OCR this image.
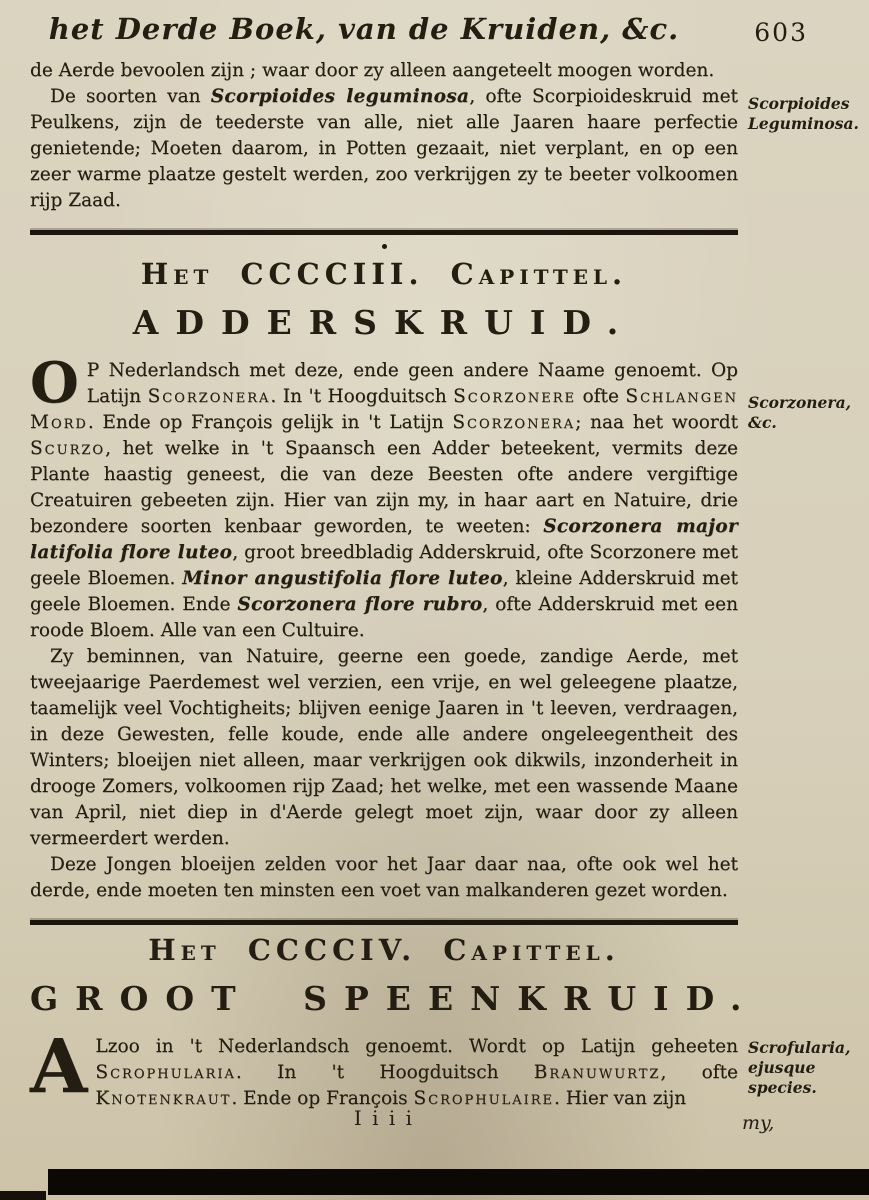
het Derde Boek, van de Kruiden, &c.	603

de Aerde bevoolen zijn ; waar door zy alleen aangeteelt moogen worden.

De soorten van Scorpioides leguminosa, ofte Scorpioideskruid met Peulkens, zijn de teederste van alle, niet alle Jaaren haare perfectie genietende; Moeten daarom, in Potten gezaait, niet verplant, en op een zeer warme plaatze gestelt werden, zoo verkrijgen zy te beeter volkoomen rijp Zaad.

Het CCCCIII. Capittel.
ADDERSKRUID.

O P Nederlandsch met deze, ende geen andere Naame genoemt. Op Latijn Scorzonera. In 't Hoogduitsch Scorzonere ofte Schlangen Mord. Ende op François gelijk in 't Latijn Scorzonera; naa het woordt Scurzo, het welke in 't Spaansch een Adder beteekent, vermits deze Plante haastig geneest, die van deze Beesten ofte andere vergiftige Creatuiren gebeeten zijn. Hier van zijn my, in haar aart en Natuire, drie bezondere soorten kenbaar geworden, te weeten: Scorzonera major latifolia flore luteo, groot breedbladig Adderskruid, ofte Scorzonere met geele Bloemen. Minor angustifolia flore luteo, kleine Adderskruid met geele Bloemen. Ende Scorzonera flore rubro, ofte Adderskruid met een roode Bloem. Alle van een Cultuire.

Zy beminnen, van Natuire, geerne een goede, zandige Aerde, met tweejaarige Paerdemest wel verzien, een vrije, en wel geleegene plaatze, taamelijk veel Vochtigheits; blijven eenige Jaaren in 't leeven, verdraagen, in deze Gewesten, felle koude, ende alle andere ongeleegentheit des Winters; bloeijen niet alleen, maar verkrijgen ook dikwils, inzonderheit in drooge Zomers, volkoomen rijp Zaad; het welke, met een wassende Maane van April, niet diep in d'Aerde gelegt moet zijn, waar door zy alleen vermeerdert werden.

Deze Jongen bloeijen zelden voor het Jaar daar naa, ofte ook wel het derde, ende moeten ten minsten een voet van malkanderen gezet worden.

Het CCCCIV. Capittel.
GROOT SPEENKRUID.

A Lzoo in 't Nederlandsch genoemt. Wordt op Latijn geheeten Scrophularia. In 't Hoogduitsch Branuwurtz, ofte Knotenkraut. Ende op François Scrophulaire. Hier van zijn

Scorpioides Leguminosa.
Scorzonera, &c.
Scrofularia, ejusque species.
I i i i	my,
